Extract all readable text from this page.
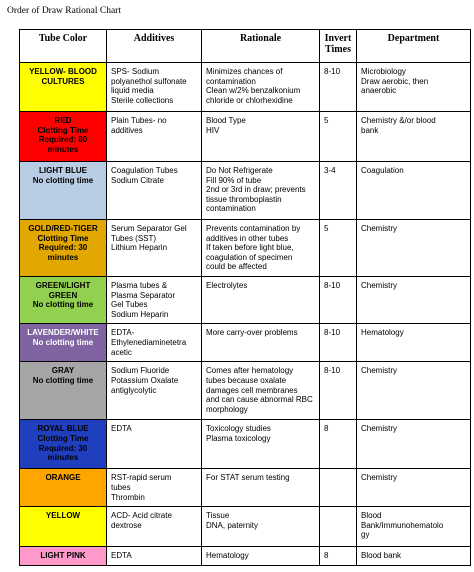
Order of Draw Rational Chart
Tube Color	Additives	Rationale	Invert
Times	Department

YELLOW- BLOOD
CULTURES	SPS- Sodium
polyanethol sulfonate
liquid media
Sterile collections	Minimizes chances of
contamination
Clean w/2% benzalkonium
chloride or chlorhexidine	8-10	Microbiology
Draw aerobic, then
anaerobic

RED
Clotting Time
Required: 80
minutes	Plain Tubes- no
additives	Blood Type
HIV	5	Chemistry &/or blood
bank

LIGHT BLUE
No clotting time	Coagulation Tubes
Sodium Citrate	Do Not Refrigerate
Fill 90% of tube
2nd or 3rd in draw; prevents
tissue thromboplastin
contamination	3-4	Coagulation

GOLD/RED-TIGER
Clotting Time
Required: 30
minutes	Serum Separator Gel
Tubes (SST)
Lithium Heparin	Prevents contamination by
additives in other tubes
If taken before light blue,
coagulation of specimen
could be affected	5	Chemistry

GREEN/LIGHT
GREEN
No clotting time	Plasma tubes &
Plasma Separator
Gel Tubes
Sodium Heparin	Electrolytes	8-10	Chemistry

LAVENDER/WHITE
No clotting time	EDTA-
Ethylenediaminetetra
acetic	More carry-over problems	8-10	Hematology

GRAY
No clotting time	Sodium Fluoride
Potassium Oxalate
antiglycolytic	Comes after hematology
tubes because oxalate
damages cell membranes
and can cause abnormal RBC
morphology	8-10	Chemistry

ROYAL BLUE
Clotting Time
Required: 30
minutes	EDTA	Toxicology studies
Plasma toxicology	8	Chemistry

ORANGE	RST-rapid serum
tubes
Thrombin	For STAT serum testing		Chemistry

YELLOW	ACD- Acid citrate
dextrose	Tissue
DNA, paternity		Blood
Bank/Immunohematolo
gy

LIGHT PINK	EDTA	Hematology	8	Blood bank
